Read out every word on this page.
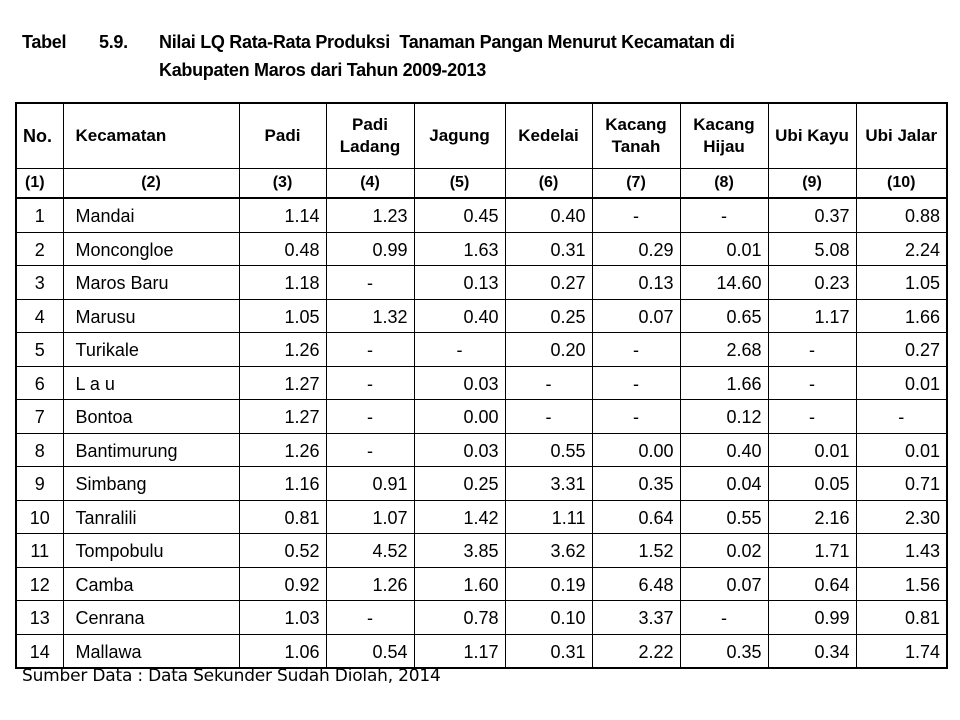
Tabel	5.9.	Nilai LQ Rata-Rata Produksi  Tanaman Pangan Menurut Kecamatan di
Kabupaten Maros dari Tahun 2009-2013
No.	Kecamatan	Padi	Padi Ladang	Jagung	Kedelai	Kacang Tanah	Kacang Hijau	Ubi Kayu	Ubi Jalar
(1)	(2)	(3)	(4)	(5)	(6)	(7)	(8)	(9)	(10)
1	Mandai	1.14	1.23	0.45	0.40	-	-	0.37	0.88
2	Moncongloe	0.48	0.99	1.63	0.31	0.29	0.01	5.08	2.24
3	Maros Baru	1.18	-	0.13	0.27	0.13	14.60	0.23	1.05
4	Marusu	1.05	1.32	0.40	0.25	0.07	0.65	1.17	1.66
5	Turikale	1.26	-	-	0.20	-	2.68	-	0.27
6	L a u	1.27	-	0.03	-	-	1.66	-	0.01
7	Bontoa	1.27	-	0.00	-	-	0.12	-	-
8	Bantimurung	1.26	-	0.03	0.55	0.00	0.40	0.01	0.01
9	Simbang	1.16	0.91	0.25	3.31	0.35	0.04	0.05	0.71
10	Tanralili	0.81	1.07	1.42	1.11	0.64	0.55	2.16	2.30
11	Tompobulu	0.52	4.52	3.85	3.62	1.52	0.02	1.71	1.43
12	Camba	0.92	1.26	1.60	0.19	6.48	0.07	0.64	1.56
13	Cenrana	1.03	-	0.78	0.10	3.37	-	0.99	0.81
14	Mallawa	1.06	0.54	1.17	0.31	2.22	0.35	0.34	1.74
Sumber Data : Data Sekunder Sudah Diolah, 2014
